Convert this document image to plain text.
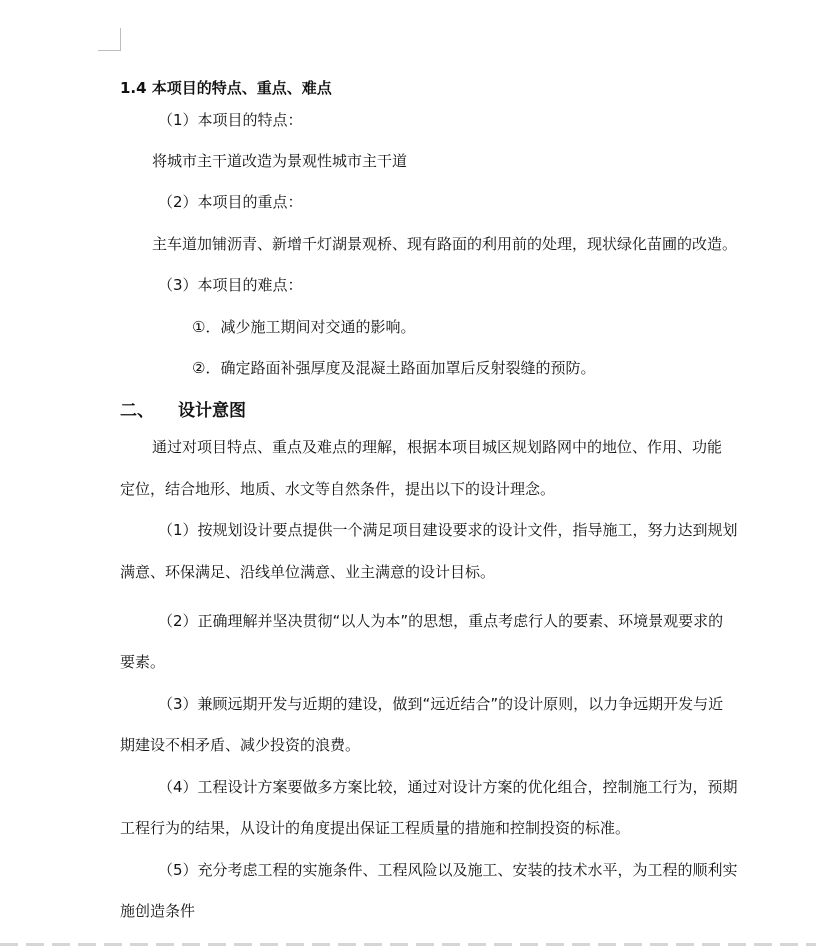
1.4 本项目的特点、重点、难点
（1）本项目的特点：
将城市主干道改造为景观性城市主干道
（2）本项目的重点：
主车道加铺沥青、新增千灯湖景观桥、现有路面的利用前的处理，现状绿化苗圃的改造。
（3）本项目的难点：
①．减少施工期间对交通的影响。
②．确定路面补强厚度及混凝土路面加罩后反射裂缝的预防。
二、 设计意图
通过对项目特点、重点及难点的理解，根据本项目城区规划路网中的地位、作用、功能
定位，结合地形、地质、水文等自然条件，提出以下的设计理念。
（1）按规划设计要点提供一个满足项目建设要求的设计文件，指导施工，努力达到规划
满意、环保满足、沿线单位满意、业主满意的设计目标。
（2）正确理解并坚决贯彻“以人为本”的思想，重点考虑行人的要素、环境景观要求的
要素。
（3）兼顾远期开发与近期的建设，做到“远近结合”的设计原则，以力争远期开发与近
期建设不相矛盾、减少投资的浪费。
（4）工程设计方案要做多方案比较，通过对设计方案的优化组合，控制施工行为，预期
工程行为的结果，从设计的角度提出保证工程质量的措施和控制投资的标准。
（5）充分考虑工程的实施条件、工程风险以及施工、安装的技术水平，为工程的顺利实
施创造条件
